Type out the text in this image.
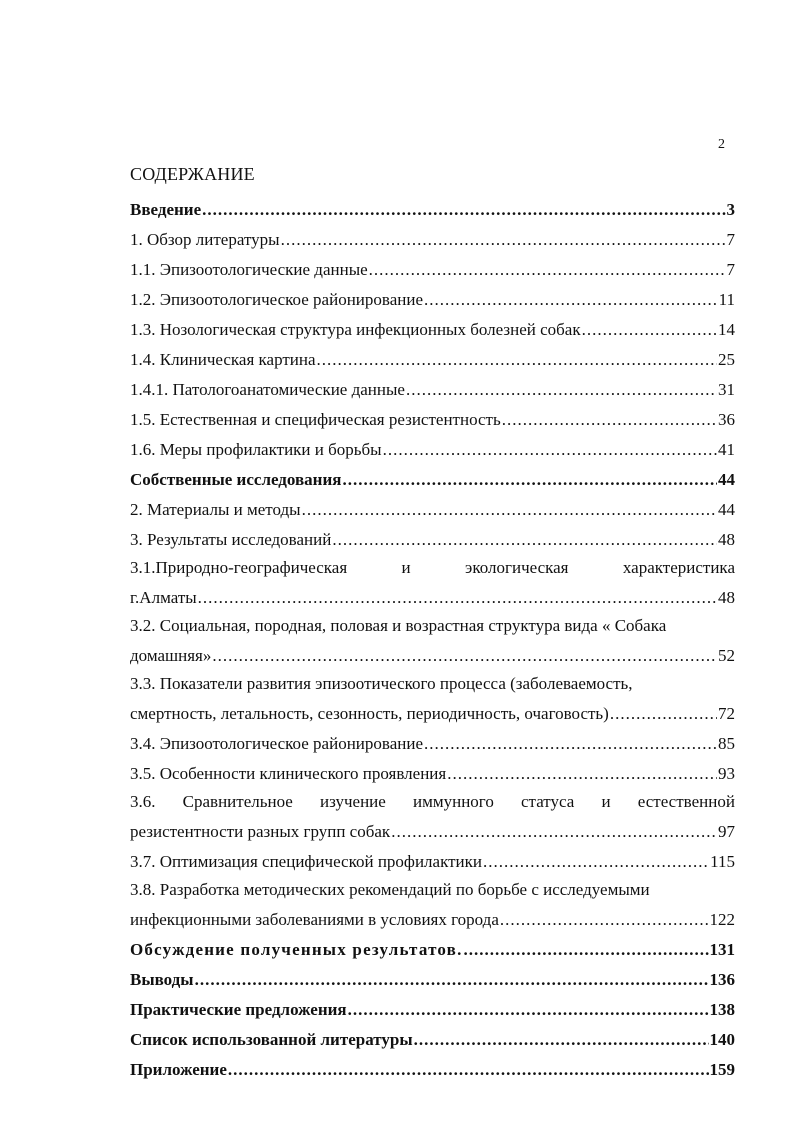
2
СОДЕРЖАНИЕ
Введение .....	3
1. Обзор литературы .....	7
1.1. Эпизоотологические данные .....	7
1.2. Эпизоотологическое районирование .....	11
1.3. Нозологическая структура инфекционных болезней собак .....	14
1.4. Клиническая картина .....	25
1.4.1. Патологоанатомические данные .....	31
1.5. Естественная и специфическая резистентность .....	36
1.6. Меры профилактики и борьбы .....	41
Собственные исследования .....	44
2. Материалы и методы .....	44
3. Результаты исследований .....	48
3.1.Природно-географическая	и	экологическая	характеристика
г.Алматы .....	48
3.2. Социальная, породная, половая и возрастная структура вида « Собака
домашняя» .....	52
3.3. Показатели развития эпизоотического процесса (заболеваемость,
смертность, летальность, сезонность, периодичность, очаговость) .....	72
3.4. Эпизоотологическое районирование .....	85
3.5. Особенности клинического проявления .....	93
3.6. Сравнительное изучение иммунного статуса и естественной
резистентности разных групп собак .....	97
3.7. Оптимизация специфической профилактики .....	115
3.8. Разработка методических рекомендаций по борьбе с исследуемыми
инфекционными заболеваниями в условиях города .....	122
Обсуждение полученных результатов. .....	131
Выводы .....	136
Практические предложения .....	138
Список использованной литературы .....	140
Приложение .....	159
